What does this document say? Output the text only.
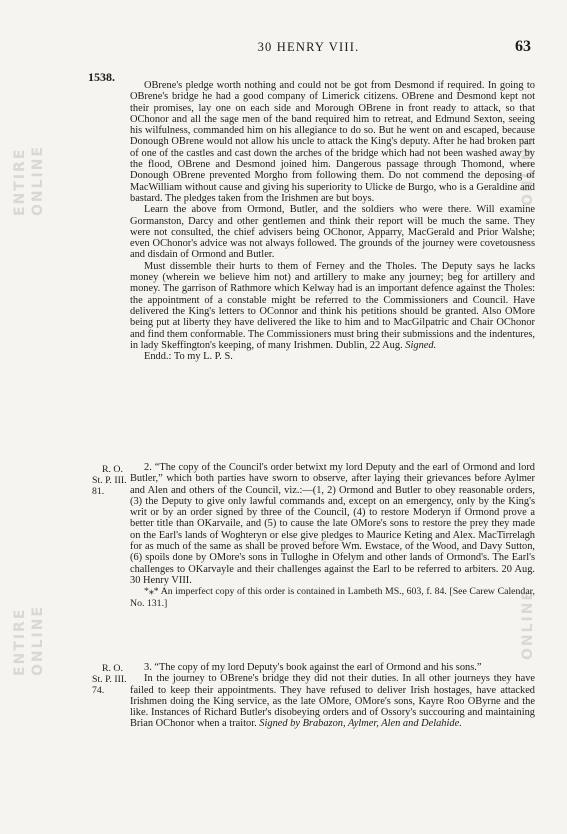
30 HENRY VIII.	63
1538.
ENTIRE ONLINE
ENTIRE ONLINE
ONLINE
ONLINE

OBrene's pledge worth nothing and could not be got from Desmond if required. In going to OBrene's bridge he had a good company of Limerick citizens. OBrene and Desmond kept not their promises, lay one on each side and Morough OBrene in front ready to attack, so that OChonor and all the sage men of the band required him to retreat, and Edmund Sexton, seeing his wilfulness, commanded him on his allegiance to do so. But he went on and escaped, because Donough OBrene would not allow his uncle to attack the King's deputy. After he had broken part of one of the castles and cast down the arches of the bridge which had not been washed away by the flood, OBrene and Desmond joined him. Dangerous passage through Thomond, where Donough OBrene prevented Morgho from following them. Do not commend the deposing of MacWilliam without cause and giving his superiority to Ulicke de Burgo, who is a Geraldine and bastard. The pledges taken from the Irishmen are but boys.

Learn the above from Ormond, Butler, and the soldiers who were there. Will examine Gormanston, Darcy and other gentlemen and think their report will be much the same. They were not consulted, the chief advisers being OChonor, Apparry, MacGerald and Prior Walshe; even OChonor's advice was not always followed. The grounds of the journey were covetousness and disdain of Ormond and Butler.

Must dissemble their hurts to them of Ferney and the Tholes. The Deputy says he lacks money (wherein we believe him not) and artillery to make any journey; beg for artillery and money. The garrison of Rathmore which Kelway had is an important defence against the Tholes: the appointment of a constable might be referred to the Commissioners and Council. Have delivered the King's letters to OConnor and think his petitions should be granted. Also OMore being put at liberty they have delivered the like to him and to MacGilpatric and Chair OChonor and find them conformable. The Commissioners must bring their submissions and the indentures, in lady Skeffington's keeping, of many Irishmen. Dublin, 22 Aug. Signed.

Endd.: To my L. P. S.

R. O.
St. P. III. 81.

2. “The copy of the Council's order betwixt my lord Deputy and the earl of Ormond and lord Butler,” which both parties have sworn to observe, after laying their grievances before Aylmer and Alen and others of the Council, viz.:—(1, 2) Ormond and Butler to obey reasonable orders, (3) the Deputy to give only lawful commands and, except on an emergency, only by the King's writ or by an order signed by three of the Council, (4) to restore Moderyn if Ormond prove a better title than OKarvaile, and (5) to cause the late OMore's sons to restore the prey they made on the Earl's lands of Woghteryn or else give pledges to Maurice Keting and Alex. MacTirrelagh for as much of the same as shall be proved before Wm. Ewstace, of the Wood, and Davy Sutton, (6) spoils done by OMore's sons in Tulloghe in Ofelym and other lands of Ormond's. The Earl's challenges to OKarvayle and their challenges against the Earl to be referred to arbiters. 20 Aug. 30 Henry VIII.

*⁎* An imperfect copy of this order is contained in Lambeth MS., 603, f. 84. [See Carew Calendar, No. 131.]

R. O.
St. P. III. 74.

3. “The copy of my lord Deputy's book against the earl of Ormond and his sons.”

In the journey to OBrene's bridge they did not their duties. In all other journeys they have failed to keep their appointments. They have refused to deliver Irish hostages, have attacked Irishmen doing the King service, as the late OMore, OMore's sons, Kayre Roo OByrne and the like. Instances of Richard Butler's disobeying orders and of Ossory's succouring and maintaining Brian OChonor when a traitor. Signed by Brabazon, Aylmer, Alen and Delahide.
